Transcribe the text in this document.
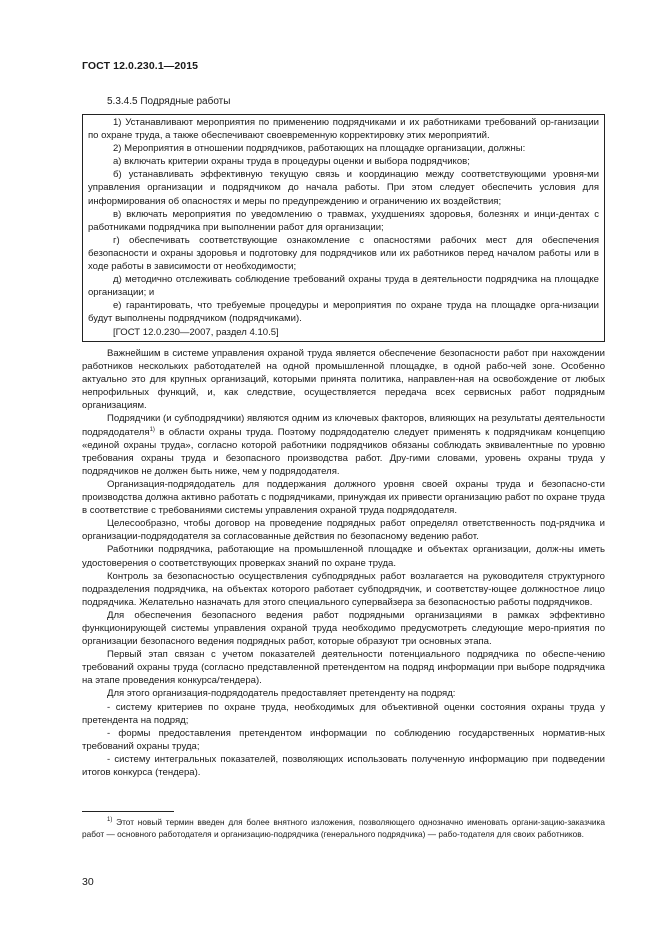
ГОСТ 12.0.230.1—2015
5.3.4.5 Подрядные работы

1) Устанавливают мероприятия по применению подрядчиками и их работниками требований ор-ганизации по охране труда, а также обеспечивают своевременную корректировку этих мероприятий.

2) Мероприятия в отношении подрядчиков, работающих на площадке организации, должны:

а) включать критерии охраны труда в процедуры оценки и выбора подрядчиков;

б) устанавливать эффективную текущую связь и координацию между соответствующими уровня-ми управления организации и подрядчиком до начала работы. При этом следует обеспечить условия для информирования об опасностях и меры по предупреждению и ограничению их воздействия;

в) включать мероприятия по уведомлению о травмах, ухудшениях здоровья, болезнях и инци-дентах с работниками подрядчика при выполнении работ для организации;

г) обеспечивать соответствующие ознакомление с опасностями рабочих мест для обеспечения безопасности и охраны здоровья и подготовку для подрядчиков или их работников перед началом работы или в ходе работы в зависимости от необходимости;

д) методично отслеживать соблюдение требований охраны труда в деятельности подрядчика на площадке организации; и

е) гарантировать, что требуемые процедуры и мероприятия по охране труда на площадке орга-низации будут выполнены подрядчиком (подрядчиками).

[ГОСТ 12.0.230—2007, раздел 4.10.5]

Важнейшим в системе управления охраной труда является обеспечение безопасности работ при нахождении работников нескольких работодателей на одной промышленной площадке, в одной рабо-чей зоне. Особенно актуально это для крупных организаций, которыми принята политика, направлен-ная на освобождение от любых непрофильных функций, и, как следствие, осуществляется передача всех сервисных работ подрядным организациям.

Подрядчики (и субподрядчики) являются одним из ключевых факторов, влияющих на результаты деятельности подрядодателя$^{1)}$ в области охраны труда. Поэтому подрядодателю следует применять к подрядчикам концепцию «единой охраны труда», согласно которой работники подрядчиков обязаны соблюдать эквивалентные по уровню требования охраны труда и безопасного производства работ. Дру-гими словами, уровень охраны труда у подрядчиков не должен быть ниже, чем у подрядодателя.

Организация-подрядодатель для поддержания должного уровня своей охраны труда и безопасно-сти производства должна активно работать с подрядчиками, принуждая их привести организацию работ по охране труда в соответствие с требованиями системы управления охраной труда подрядодателя.

Целесообразно, чтобы договор на проведение подрядных работ определял ответственность под-рядчика и организации-подрядодателя за согласованные действия по безопасному ведению работ.

Работники подрядчика, работающие на промышленной площадке и объектах организации, долж-ны иметь удостоверения о соответствующих проверках знаний по охране труда.

Контроль за безопасностью осуществления субподрядных работ возлагается на руководителя структурного подразделения подрядчика, на объектах которого работает субподрядчик, и соответству-ющее должностное лицо подрядчика. Желательно назначать для этого специального супервайзера за безопасностью работы подрядчиков.

Для обеспечения безопасного ведения работ подрядными организациями в рамках эффективно функционирующей системы управления охраной труда необходимо предусмотреть следующие меро-приятия по организации безопасного ведения подрядных работ, которые образуют три основных этапа.

Первый этап связан с учетом показателей деятельности потенциального подрядчика по обеспе-чению требований охраны труда (согласно представленной претендентом на подряд информации при выборе подрядчика на этапе проведения конкурса/тендера).

Для этого организация-подрядодатель предоставляет претенденту на подряд:

- систему критериев по охране труда, необходимых для объективной оценки состояния охраны труда у претендента на подряд;

- формы предоставления претендентом информации по соблюдению государственных норматив-ных требований охраны труда;

- систему интегральных показателей, позволяющих использовать полученную информацию при подведении итогов конкурса (тендера).

$^{1)}$ Этот новый термин введен для более внятного изложения, позволяющего однозначно именовать органи-зацию-заказчика работ — основного работодателя и организацию-подрядчика (генерального подрядчика) — рабо-тодателя для своих работников.

30
